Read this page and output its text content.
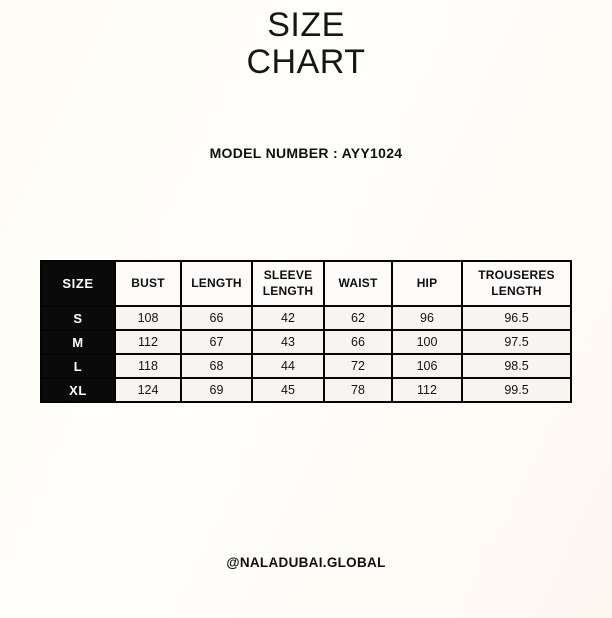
SIZE
CHART
MODEL NUMBER : AYY1024
SIZE	BUST	LENGTH	SLEEVE LENGTH	WAIST	HIP	TROUSERES LENGTH
S	108	66	42	62	96	96.5
M	112	67	43	66	100	97.5
L	118	68	44	72	106	98.5
XL	124	69	45	78	112	99.5
@NALADUBAI.GLOBAL
